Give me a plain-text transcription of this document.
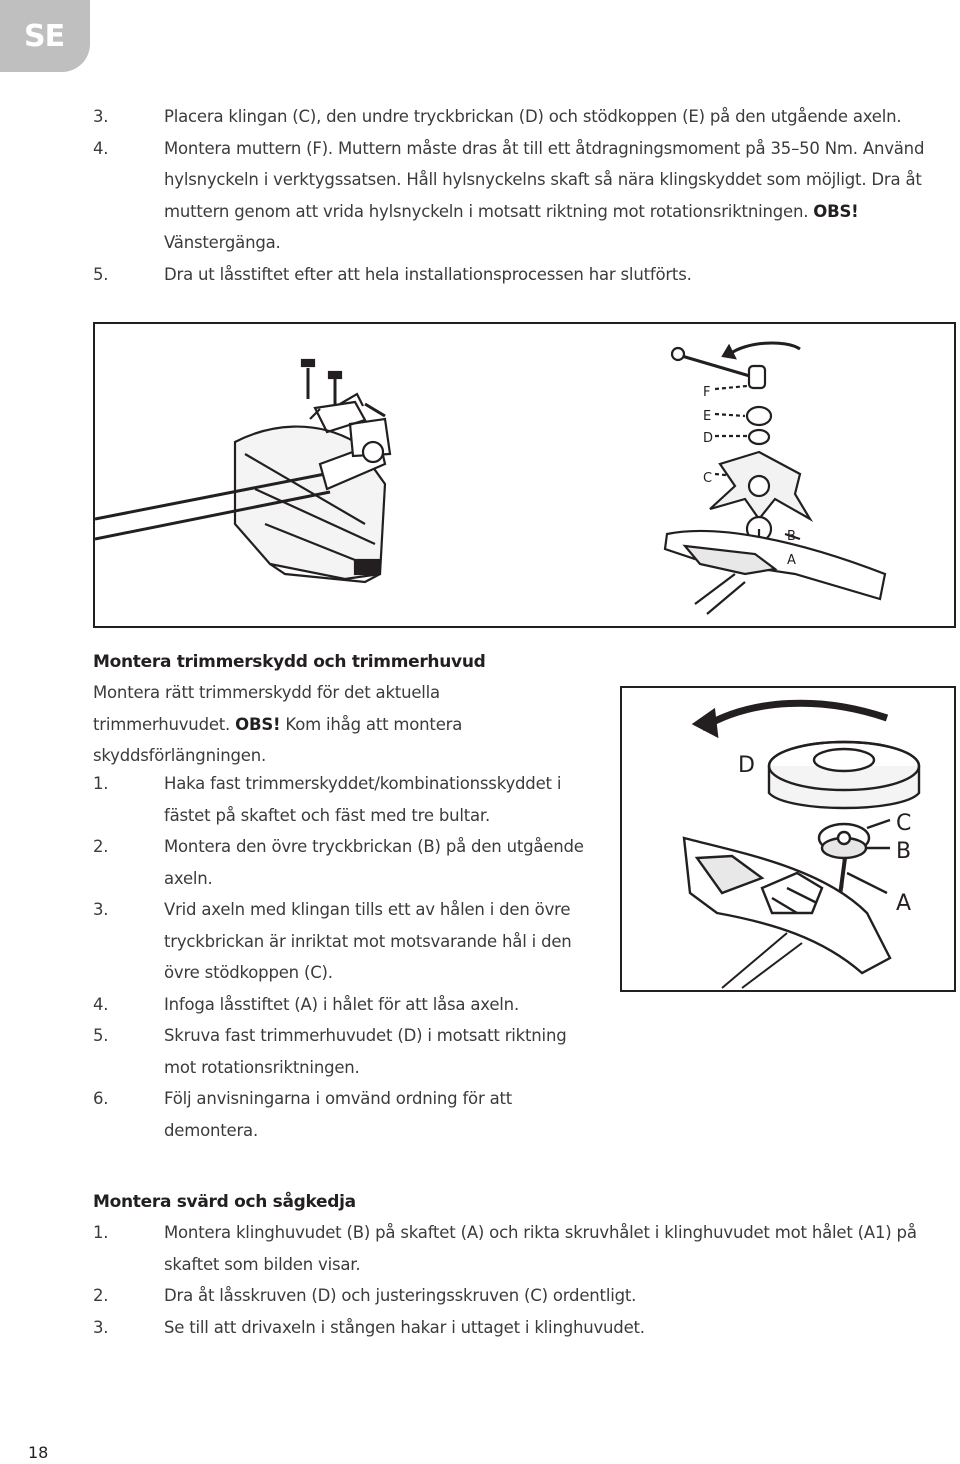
SE
3.	Placera klingan (C), den undre tryckbrickan (D) och stödkoppen (E) på den utgående axeln.
4.	Montera muttern (F). Muttern måste dras åt till ett åtdragningsmoment på 35–50 Nm. Använd hylsnyckeln i verktygssatsen. Håll hylsnyckelns skaft så nära klingskyddet som möjligt. Dra åt muttern genom att vrida hylsnyckeln i motsatt riktning mot rotationsriktningen. OBS! Vänstergänga.
5.	Dra ut låsstiftet efter att hela installationsprocessen har slutförts.
F
E
D
C
B
A
Montera trimmerskydd och trimmerhuvud
Montera rätt trimmerskydd för det aktuella trimmerhuvudet. OBS! Kom ihåg att montera skyddsförlängningen.
1.	Haka fast trimmerskyddet/kombinationsskyddet i fästet på skaftet och fäst med tre bultar.
2.	Montera den övre tryckbrickan (B) på den utgående axeln.
3.	Vrid axeln med klingan tills ett av hålen i den övre tryckbrickan är inriktat mot motsvarande hål i den övre stödkoppen (C).
4.	Infoga låsstiftet (A) i hålet för att låsa axeln.
5.	Skruva fast trimmerhuvudet (D) i motsatt riktning mot rotationsriktningen.
6.	Följ anvisningarna i omvänd ordning för att demontera.
D
C
B
A
Montera svärd och sågkedja
1.	Montera klinghuvudet (B) på skaftet (A) och rikta skruvhålet i klinghuvudet mot hålet (A1) på skaftet som bilden visar.
2.	Dra åt låsskruven (D) och justeringsskruven (C) ordentligt.
3.	Se till att drivaxeln i stången hakar i uttaget i klinghuvudet.
18
